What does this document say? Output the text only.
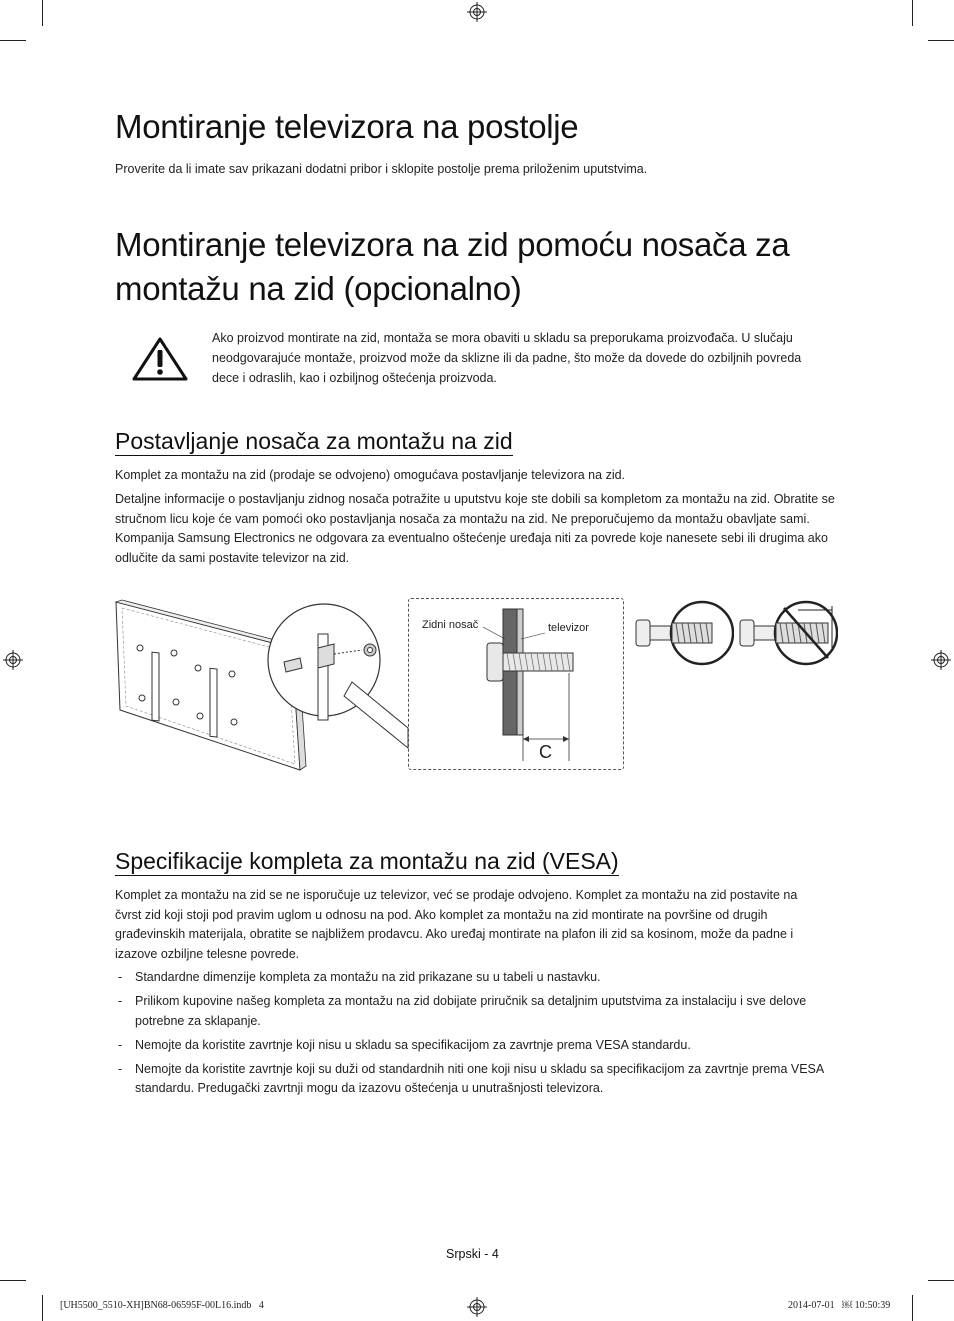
Montiranje televizora na postolje

Proverite da li imate sav prikazani dodatni pribor i sklopite postolje prema priloženim uputstvima.

Montiranje televizora na zid pomoću nosača za
montažu na zid (opcionalno)

Ako proizvod montirate na zid, montaža se mora obaviti u skladu sa preporukama proizvođača. U slučaju neodgovarajuće montaže, proizvod može da sklizne ili da padne, što može da dovede do ozbiljnih povreda dece i odraslih, kao i ozbiljnog oštećenja proizvoda.

Postavljanje nosača za montažu na zid

Komplet za montažu na zid (prodaje se odvojeno) omogućava postavljanje televizora na zid.

Detaljne informacije o postavljanju zidnog nosača potražite u uputstvu koje ste dobili sa kompletom za montažu na zid. Obratite se stručnom licu koje će vam pomoći oko postavljanja nosača za montažu na zid. Ne preporučujemo da montažu obavljate sami. Kompanija Samsung Electronics ne odgovara za eventualno oštećenje uređaja niti za povrede koje nanesete sebi ili drugima ako odlučite da sami postavite televizor na zid.

Zidni nosač	televizor
C
Specifikacije kompleta za montažu na zid (VESA)

Komplet za montažu na zid se ne isporučuje uz televizor, već se prodaje odvojeno. Komplet za montažu na zid postavite na čvrst zid koji stoji pod pravim uglom u odnosu na pod. Ako komplet za montažu na zid montirate na površine od drugih građevinskih materijala, obratite se najbližem prodavcu. Ako uređaj montirate na plafon ili zid sa kosinom, može da padne i izazove ozbiljne telesne povrede.

- Standardne dimenzije kompleta za montažu na zid prikazane su u tabeli u nastavku.
- Prilikom kupovine našeg kompleta za montažu na zid dobijate priručnik sa detaljnim uputstvima za instalaciju i sve delove potrebne za sklapanje.
- Nemojte da koristite zavrtnje koji nisu u skladu sa specifikacijom za zavrtnje prema VESA standardu.
- Nemojte da koristite zavrtnje koji su duži od standardnih niti one koji nisu u skladu sa specifikacijom za zavrtnje prema VESA standardu. Predugački zavrtnji mogu da izazovu oštećenja u unutrašnjosti televizora.
Srpski - 4
[UH5500_5510-XH]BN68-06595F-00L16.indb   4	2014-07-01   ￼ 10:50:39
